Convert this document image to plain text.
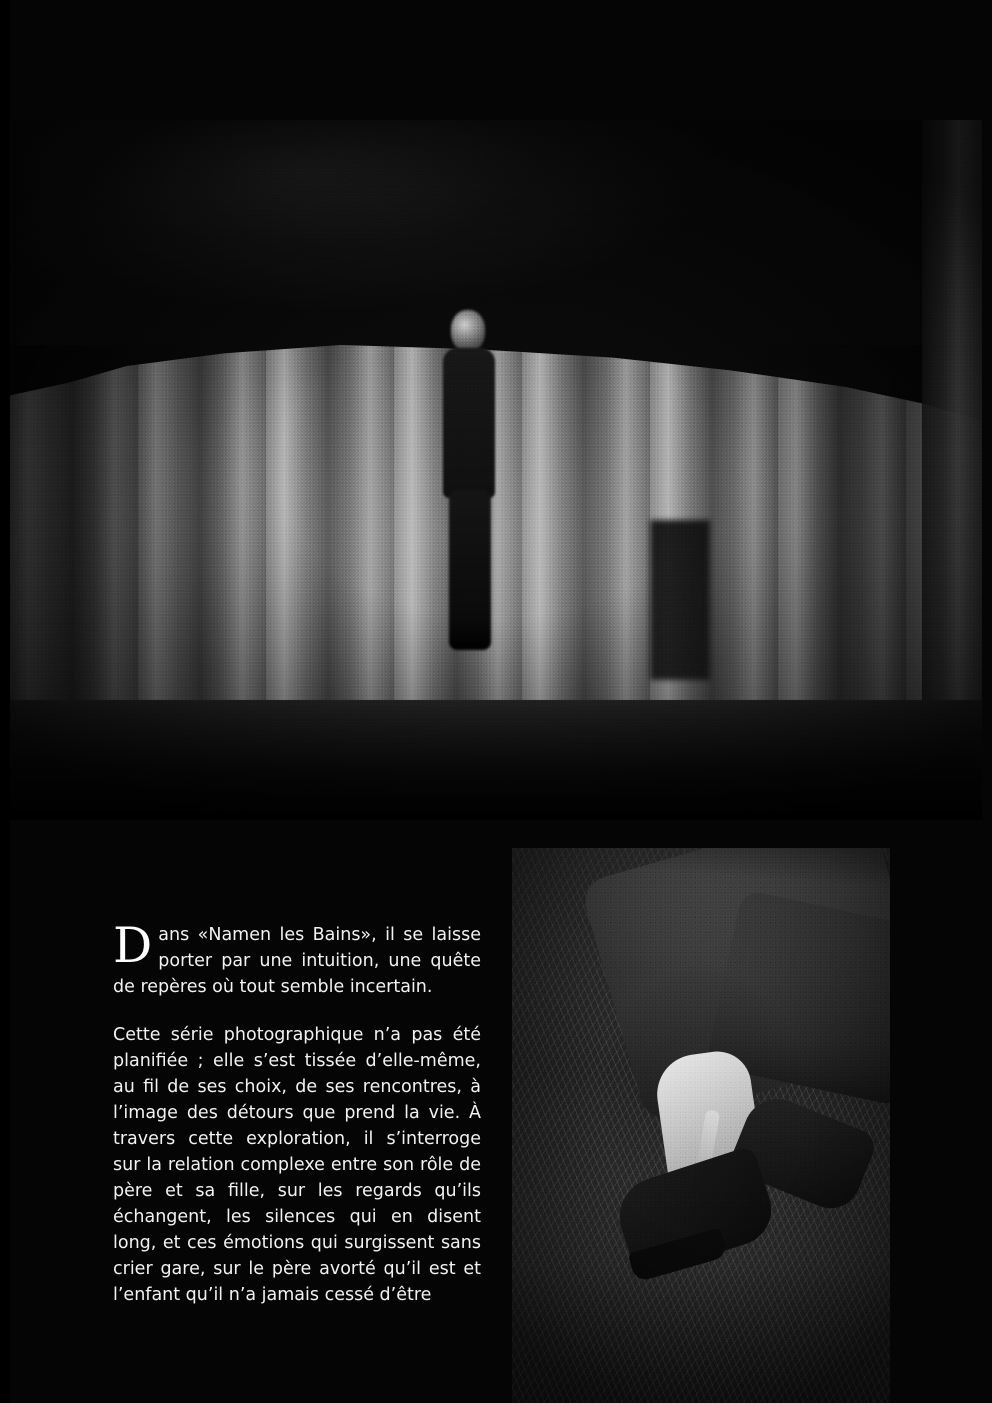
Dans «Namen les Bains», il se laisse porter par une intuition, une quête de repères où tout semble incertain.

Cette série photographique n’a pas été planifiée ; elle s’est tissée d’elle-même, au fil de ses choix, de ses rencontres, à l’image des détours que prend la vie. À travers cette exploration, il s’interroge sur la relation complexe entre son rôle de père et sa fille, sur les regards qu’ils échangent, les silences qui en disent long, et ces émotions qui surgissent sans crier gare, sur le père avorté qu’il est et l’enfant qu’il n’a jamais cessé d’être
